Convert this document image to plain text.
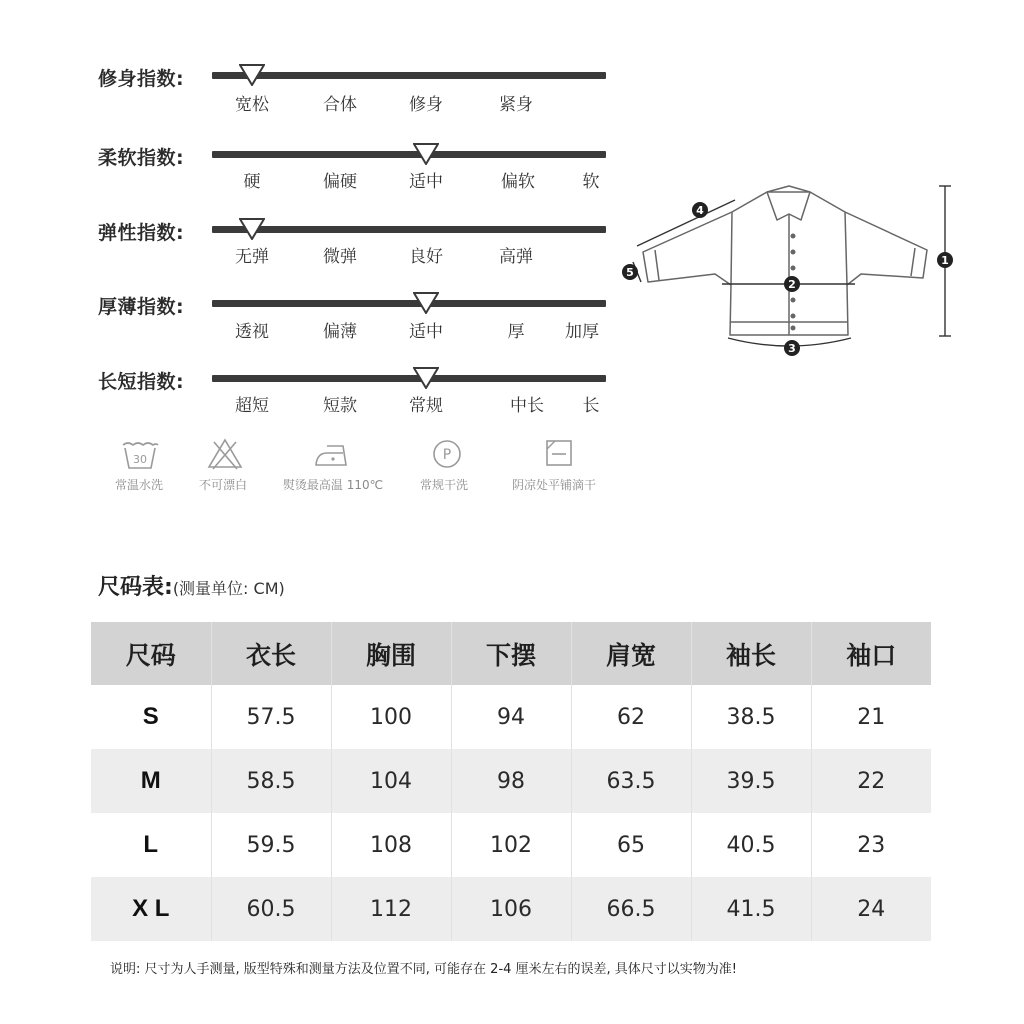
修身指数:
宽松	合体	修身	紧身
柔软指数:
硬	偏硬	适中	偏软	软
弹性指数:
无弹	微弹	良好	高弹
厚薄指数:
透视	偏薄	适中	厚 加厚
长短指数:
超短	短款	常规	中长 长
30
常温水洗	不可漂白	熨烫最高温 110℃
P
常规干洗	阴凉处平铺滴干
1
2
3
4
5
尺码表:(测量单位: CM)
尺码	衣长	胸围	下摆	肩宽	袖长	袖口
S	57.5	100	94	62	38.5	21
M	58.5	104	98	63.5	39.5	22
L	59.5	108	102	65	40.5	23
X L	60.5	112	106	66.5	41.5	24
说明: 尺寸为人手测量, 版型特殊和测量方法及位置不同, 可能存在 2-4 厘米左右的误差, 具体尺寸以实物为准!
